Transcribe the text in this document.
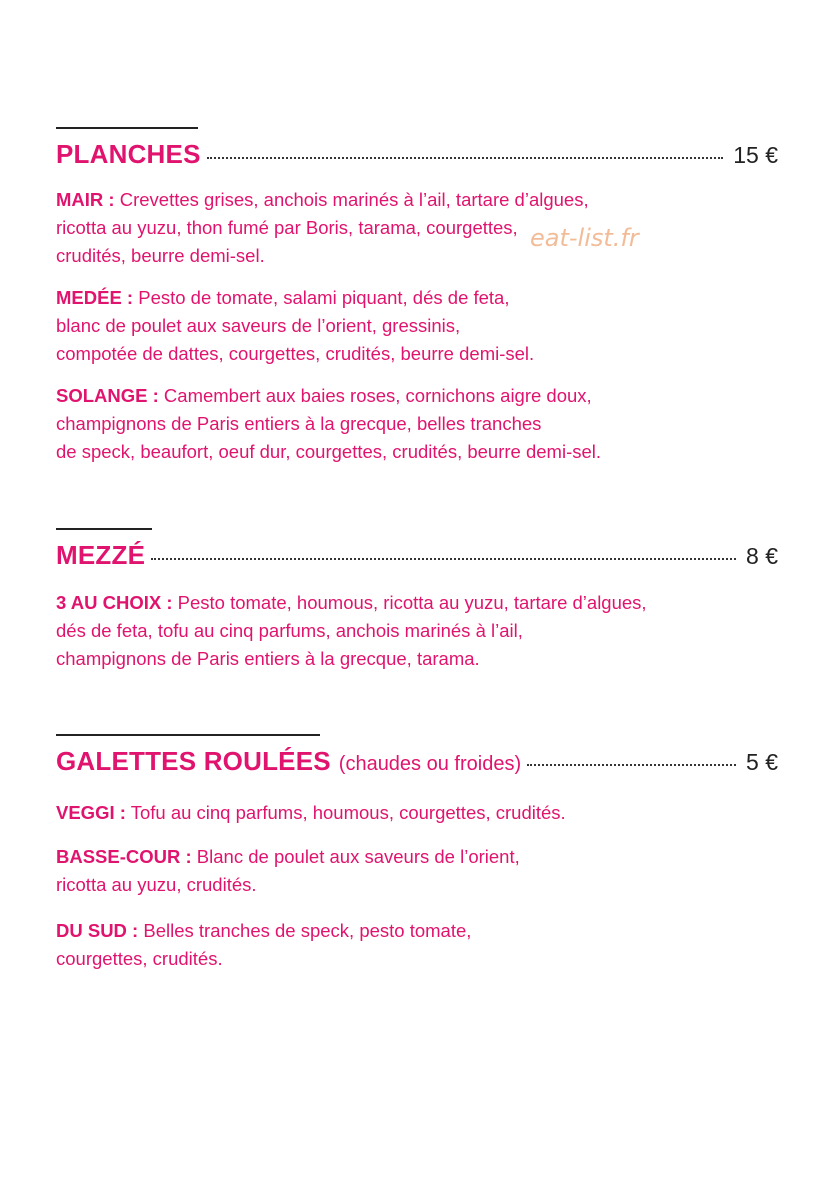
PLANCHES	15 €
MAIR : Crevettes grises, anchois marinés à l’ail, tartare d’algues,
ricotta au yuzu, thon fumé par Boris, tarama, courgettes,
crudités, beurre demi-sel.
MEDÉE : Pesto de tomate, salami piquant, dés de feta,
blanc de poulet aux saveurs de l’orient, gressinis,
compotée de dattes, courgettes, crudités, beurre demi-sel.
SOLANGE : Camembert aux baies roses, cornichons aigre doux,
champignons de Paris entiers à la grecque, belles tranches
de speck, beaufort, oeuf dur, courgettes, crudités, beurre demi-sel.
MEZZÉ	8 €
3 AU CHOIX : Pesto tomate, houmous, ricotta au yuzu, tartare d’algues,
dés de feta, tofu au cinq parfums, anchois marinés à l’ail,
champignons de Paris entiers à la grecque, tarama.
GALETTES ROULÉES (chaudes ou froides)	5 €
VEGGI : Tofu au cinq parfums, houmous, courgettes, crudités.
BASSE-COUR : Blanc de poulet aux saveurs de l’orient,
ricotta au yuzu, crudités.
DU SUD : Belles tranches de speck, pesto tomate,
courgettes, crudités.
eat-list.fr
